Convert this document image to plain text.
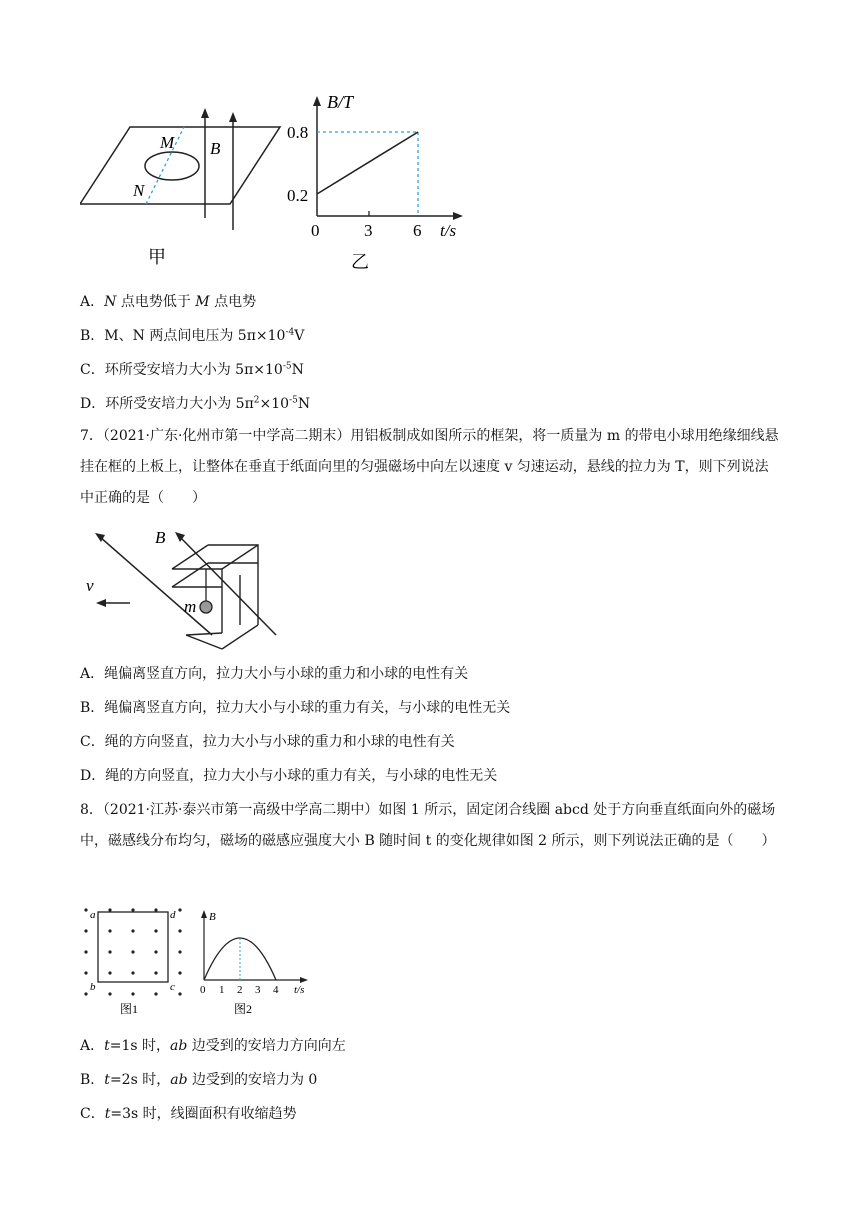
M
N
B
甲
B/T
0.8
0.2
0	3 6 t/s
乙
A．N 点电势低于 M 点电势
B．M、N 两点间电压为 $5\pi\times 10^{-4}V$
C．环所受安培力大小为 $5\pi\times 10^{-5}N$
D．环所受安培力大小为 $5\pi^2\times 10^{-5}N$
7．（2021·广东·化州市第一中学高二期末）用铝板制成如图所示的框架，将一质量为 m 的带电小球用绝缘细线悬挂在框的上板上，让整体在垂直于纸面向里的匀强磁场中向左以速度 v 匀速运动，悬线的拉力为 T，则下列说法中正确的是（　　）
B
v
m
A．绳偏离竖直方向，拉力大小与小球的重力和小球的电性有关
B．绳偏离竖直方向，拉力大小与小球的重力有关，与小球的电性无关
C．绳的方向竖直，拉力大小与小球的重力和小球的电性有关
D．绳的方向竖直，拉力大小与小球的重力有关，与小球的电性无关
8．（2021·江苏·泰兴市第一高级中学高二期中）如图 1 所示，固定闭合线圈 abcd 处于方向垂直纸面向外的磁场中，磁感线分布均匀，磁场的磁感应强度大小 B 随时间 t 的变化规律如图 2 所示，则下列说法正确的是（　　）
a	d
b	c
图1
B
0 1 2 3 4 t/s
图2
A．t=1s 时，ab 边受到的安培力方向向左
B．t=2s 时，ab 边受到的安培力为 0
C．t=3s 时，线圈面积有收缩趋势
